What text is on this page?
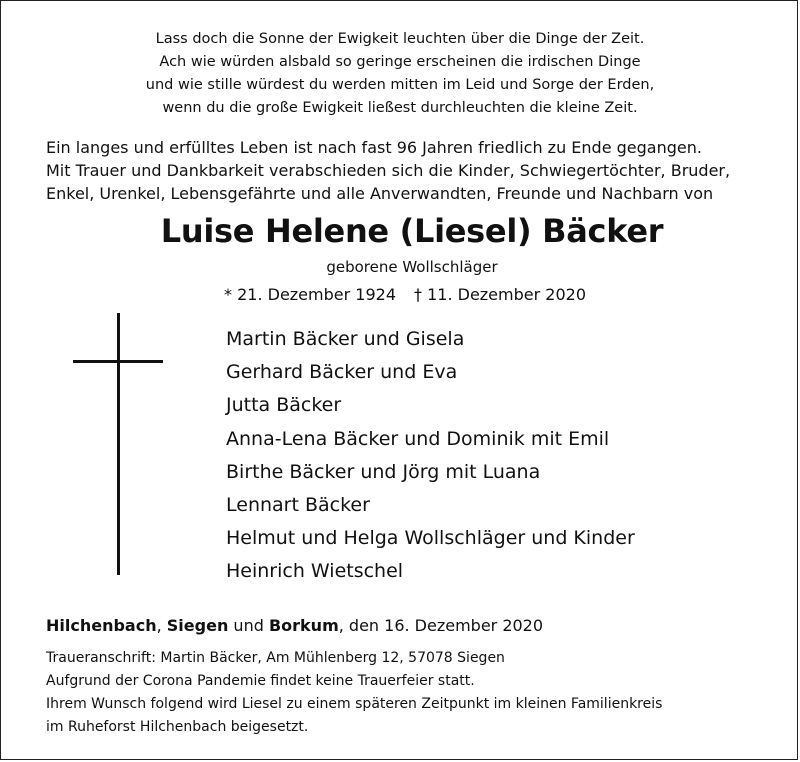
Lass doch die Sonne der Ewigkeit leuchten über die Dinge der Zeit.
Ach wie würden alsbald so geringe erscheinen die irdischen Dinge
und wie stille würdest du werden mitten im Leid und Sorge der Erden,
wenn du die große Ewigkeit ließest durchleuchten die kleine Zeit.
Ein langes und erfülltes Leben ist nach fast 96 Jahren friedlich zu Ende gegangen.
Mit Trauer und Dankbarkeit verabschieden sich die Kinder, Schwiegertöchter, Bruder,
Enkel, Urenkel, Lebensgefährte und alle Anverwandten, Freunde und Nachbarn von
Luise Helene (Liesel) Bäcker
geborene Wollschläger
* 21. Dezember 1924 † 11. Dezember 2020
Martin Bäcker und Gisela
Gerhard Bäcker und Eva
Jutta Bäcker
Anna-Lena Bäcker und Dominik mit Emil
Birthe Bäcker und Jörg mit Luana
Lennart Bäcker
Helmut und Helga Wollschläger und Kinder
Heinrich Wietschel
Hilchenbach, Siegen und Borkum, den 16. Dezember 2020
Traueranschrift: Martin Bäcker, Am Mühlenberg 12, 57078 Siegen
Aufgrund der Corona Pandemie findet keine Trauerfeier statt.
Ihrem Wunsch folgend wird Liesel zu einem späteren Zeitpunkt im kleinen Familienkreis
im Ruheforst Hilchenbach beigesetzt.
